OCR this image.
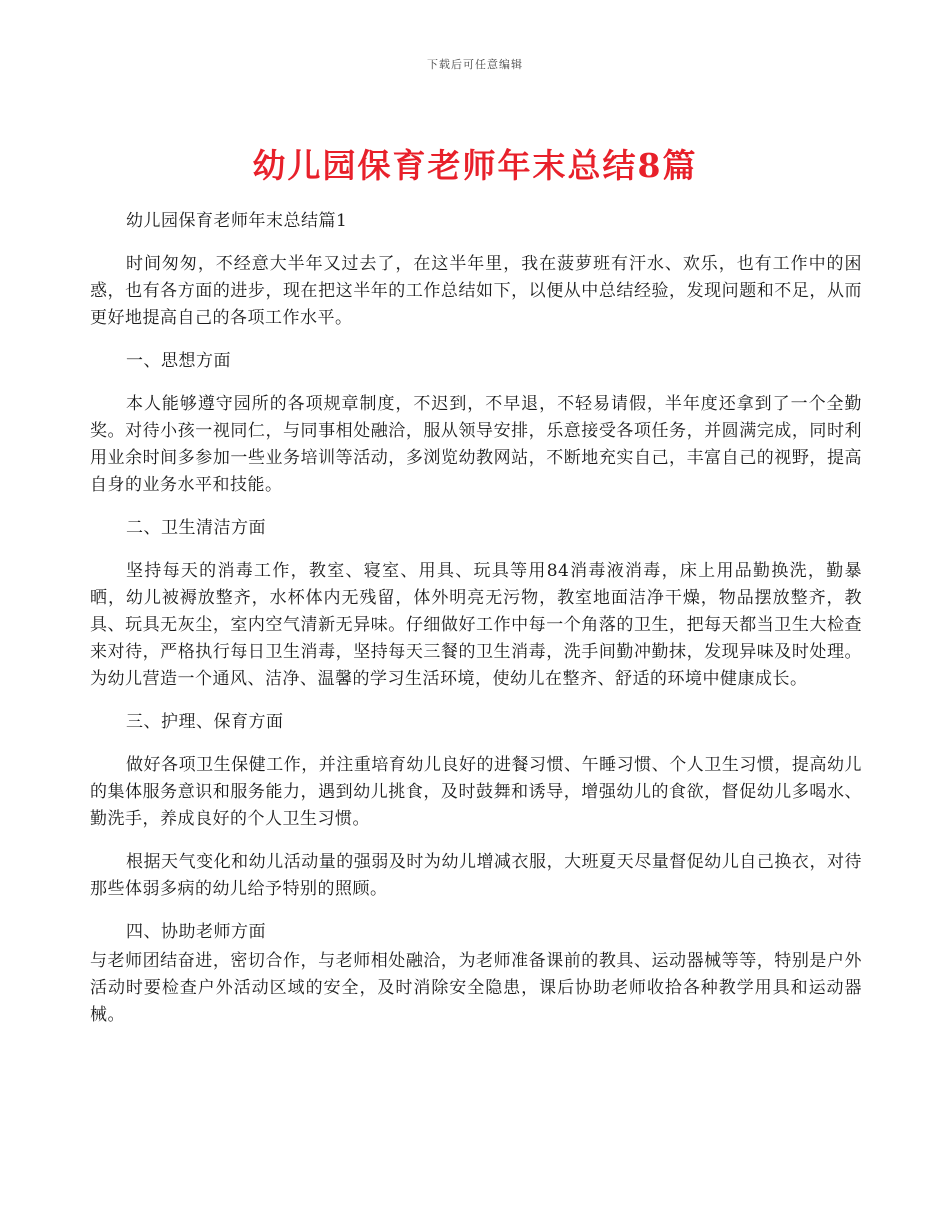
下载后可任意编辑
幼儿园保育老师年末总结8篇

幼儿园保育老师年末总结篇1

时间匆匆，不经意大半年又过去了，在这半年里，我在菠萝班有汗水、欢乐，也有工作中的困惑，也有各方面的进步，现在把这半年的工作总结如下，以便从中总结经验，发现问题和不足，从而更好地提高自己的各项工作水平。

一、思想方面

本人能够遵守园所的各项规章制度，不迟到，不早退，不轻易请假，半年度还拿到了一个全勤奖。对待小孩一视同仁，与同事相处融洽，服从领导安排，乐意接受各项任务，并圆满完成，同时利用业余时间多参加一些业务培训等活动，多浏览幼教网站，不断地充实自己，丰富自己的视野，提高自身的业务水平和技能。

二、卫生清洁方面

坚持每天的消毒工作，教室、寝室、用具、玩具等用84消毒液消毒，床上用品勤换洗，勤暴晒，幼儿被褥放整齐，水杯体内无残留，体外明亮无污物，教室地面洁净干燥，物品摆放整齐，教具、玩具无灰尘，室内空气清新无异味。仔细做好工作中每一个角落的卫生，把每天都当卫生大检查来对待，严格执行每日卫生消毒，坚持每天三餐的卫生消毒，洗手间勤冲勤抹，发现异味及时处理。为幼儿营造一个通风、洁净、温馨的学习生活环境，使幼儿在整齐、舒适的环境中健康成长。

三、护理、保育方面

做好各项卫生保健工作，并注重培育幼儿良好的进餐习惯、午睡习惯、个人卫生习惯，提高幼儿的集体服务意识和服务能力，遇到幼儿挑食，及时鼓舞和诱导，增强幼儿的食欲，督促幼儿多喝水、勤洗手，养成良好的个人卫生习惯。

根据天气变化和幼儿活动量的强弱及时为幼儿增减衣服，大班夏天尽量督促幼儿自己换衣，对待那些体弱多病的幼儿给予特别的照顾。

四、协助老师方面

与老师团结奋进，密切合作，与老师相处融洽，为老师准备课前的教具、运动器械等等，特别是户外活动时要检查户外活动区域的安全，及时消除安全隐患，课后协助老师收拾各种教学用具和运动器械。
